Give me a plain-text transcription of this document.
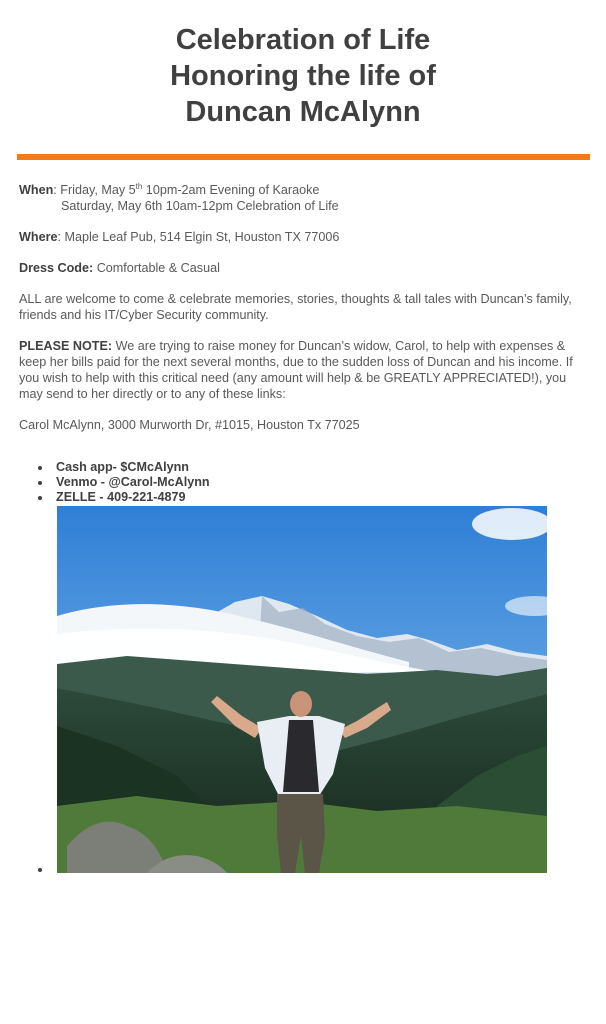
Celebration of Life
Honoring the life of
Duncan McAlynn
When: Friday, May 5th 10pm-2am Evening of Karaoke
Saturday, May 6th 10am-12pm Celebration of Life
Where: Maple Leaf Pub, 514 Elgin St, Houston TX 77006
Dress Code: Comfortable & Casual
ALL are welcome to come & celebrate memories, stories, thoughts & tall tales with Duncan’s family, friends and his IT/Cyber Security community.
PLEASE NOTE: We are trying to raise money for Duncan’s widow, Carol, to help with expenses & keep her bills paid for the next several months, due to the sudden loss of Duncan and his income. If you wish to help with this critical need (any amount will help & be GREATLY APPRECIATED!), you may send to her directly or to any of these links:
Carol McAlynn, 3000 Murworth Dr, #1015, Houston Tx 77025
Cash app- $CMcAlynn
Venmo - @Carol-McAlynn
ZELLE - 409-221-4879
